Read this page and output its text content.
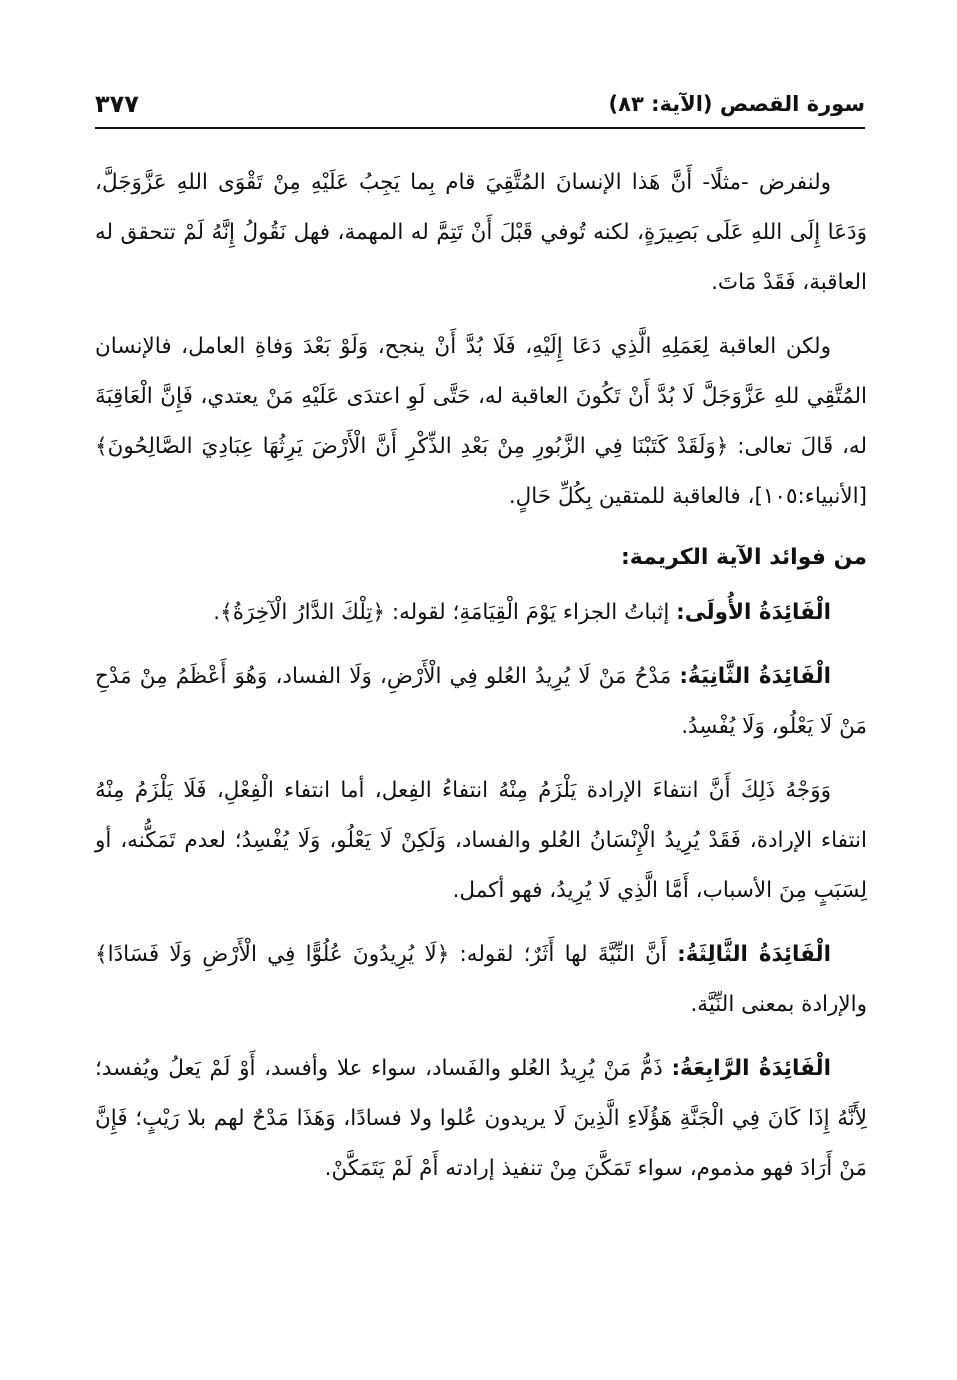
سورة القصص (الآية: ٨٣)
٣٧٧

ولنفرض -مثلًا- أَنَّ هَذا الإنسانَ المُتَّقِيَ قام بِما يَجِبُ عَلَيْهِ مِنْ تَقْوَى اللهِ عَزَّوَجَلَّ، وَدَعَا إِلَى اللهِ عَلَى بَصِيرَةٍ، لكنه تُوفي قَبْلَ أَنْ تَتِمَّ له المهمة، فهل نَقُولُ إِنَّهُ لَمْ تتحقق له العاقبة، فَقَدْ مَاتَ.

ولكن العاقبة لِعَمَلِهِ الَّذِي دَعَا إِلَيْهِ، فَلَا بُدَّ أَنْ ينجح، وَلَوْ بَعْدَ وَفاةِ العامل، فالإنسان المُتَّقِي للهِ عَزَّوَجَلَّ لَا بُدَّ أَنْ تَكُونَ العاقبة له، حَتَّى لَوِ اعتدَى عَلَيْهِ مَنْ يعتدي، فَإِنَّ الْعَاقِبَةَ له، قَالَ تعالى: ﴿وَلَقَدْ كَتَبْنَا فِي الزَّبُورِ مِنْ بَعْدِ الذِّكْرِ أَنَّ الْأَرْضَ يَرِثُهَا عِبَادِيَ الصَّالِحُونَ﴾ [الأنبياء:١٠٥]، فالعاقبة للمتقين بِكُلِّ حَالٍ.

من فوائد الآية الكريمة:

الْفَائِدَةُ الأُولَى: إثباتُ الجزاء يَوْمَ الْقِيَامَةِ؛ لقوله: ﴿تِلْكَ الدَّارُ الْآخِرَةُ﴾.

الْفَائِدَةُ الثَّانِيَةُ: مَدْحُ مَنْ لَا يُرِيدُ العُلو فِي الْأَرْضِ، وَلَا الفساد، وَهُوَ أَعْظَمُ مِنْ مَدْحِ مَنْ لَا يَعْلُو، وَلَا يُفْسِدُ.

وَوَجْهُ ذَلِكَ أَنَّ انتفاءَ الإرادة يَلْزَمُ مِنْهُ انتفاءُ الفِعل، أما انتفاء الْفِعْلِ، فَلَا يَلْزَمُ مِنْهُ انتفاء الإرادة، فَقَدْ يُرِيدُ الْإِنْسَانُ العُلو والفساد، وَلَكِنْ لَا يَعْلُو، وَلَا يُفْسِدُ؛ لعدم تَمَكُّنه، أو لِسَبَبٍ مِنَ الأسباب، أَمَّا الَّذِي لَا يُرِيدُ، فهو أكمل.

الْفَائِدَةُ الثَّالِثَةُ: أَنَّ النِّيَّةَ لها أَثَرٌ؛ لقوله: ﴿لَا يُرِيدُونَ عُلُوًّا فِي الْأَرْضِ وَلَا فَسَادًا﴾ والإرادة بمعنى النِّيَّة.

الْفَائِدَةُ الرَّابِعَةُ: ذَمُّ مَنْ يُرِيدُ العُلو والفَساد، سواء علا وأفسد، أَوْ لَمْ يَعلُ ويُفسد؛ لِأَنَّهُ إِذَا كَانَ فِي الْجَنَّةِ هَؤُلَاءِ الَّذِينَ لَا يريدون عُلوا ولا فسادًا، وَهَذَا مَدْحٌ لهم بلا رَيْبٍ؛ فَإِنَّ مَنْ أَرَادَ فهو مذموم، سواء تَمَكَّنَ مِنْ تنفيذ إرادته أَمْ لَمْ يَتَمَكَّنْ.
